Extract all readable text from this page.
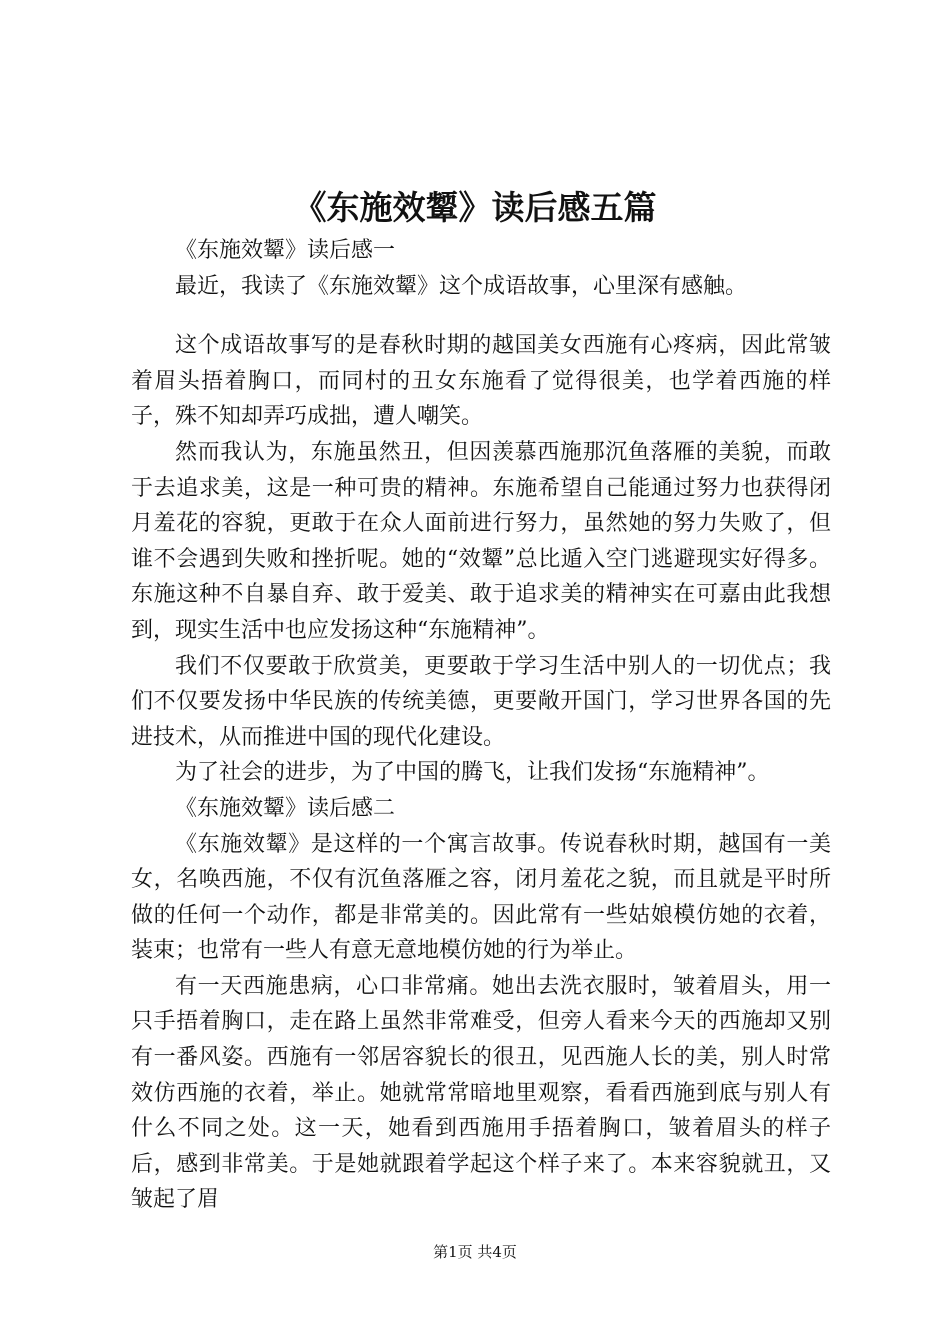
《东施效颦》读后感五篇

《东施效颦》读后感一

最近，我读了《东施效颦》这个成语故事，心里深有感触。

这个成语故事写的是春秋时期的越国美女西施有心疼病，因此常皱着眉头捂着胸口，而同村的丑女东施看了觉得很美，也学着西施的样子，殊不知却弄巧成拙，遭人嘲笑。

然而我认为，东施虽然丑，但因羡慕西施那沉鱼落雁的美貌，而敢于去追求美，这是一种可贵的精神。东施希望自己能通过努力也获得闭月羞花的容貌，更敢于在众人面前进行努力，虽然她的努力失败了，但谁不会遇到失败和挫折呢。她的“效颦”总比遁入空门逃避现实好得多。东施这种不自暴自弃、敢于爱美、敢于追求美的精神实在可嘉由此我想到，现实生活中也应发扬这种“东施精神”。

我们不仅要敢于欣赏美，更要敢于学习生活中别人的一切优点；我们不仅要发扬中华民族的传统美德，更要敞开国门，学习世界各国的先进技术，从而推进中国的现代化建设。

为了社会的进步，为了中国的腾飞，让我们发扬“东施精神”。

《东施效颦》读后感二

《东施效颦》是这样的一个寓言故事。传说春秋时期，越国有一美女，名唤西施，不仅有沉鱼落雁之容，闭月羞花之貌，而且就是平时所做的任何一个动作，都是非常美的。因此常有一些姑娘模仿她的衣着，装束；也常有一些人有意无意地模仿她的行为举止。

有一天西施患病，心口非常痛。她出去洗衣服时，皱着眉头，用一只手捂着胸口，走在路上虽然非常难受，但旁人看来今天的西施却又别有一番风姿。西施有一邻居容貌长的很丑，见西施人长的美，别人时常效仿西施的衣着，举止。她就常常暗地里观察，看看西施到底与别人有什么不同之处。这一天，她看到西施用手捂着胸口，皱着眉头的样子后，感到非常美。于是她就跟着学起这个样子来了。本来容貌就丑，又皱起了眉

第1页 共4页
